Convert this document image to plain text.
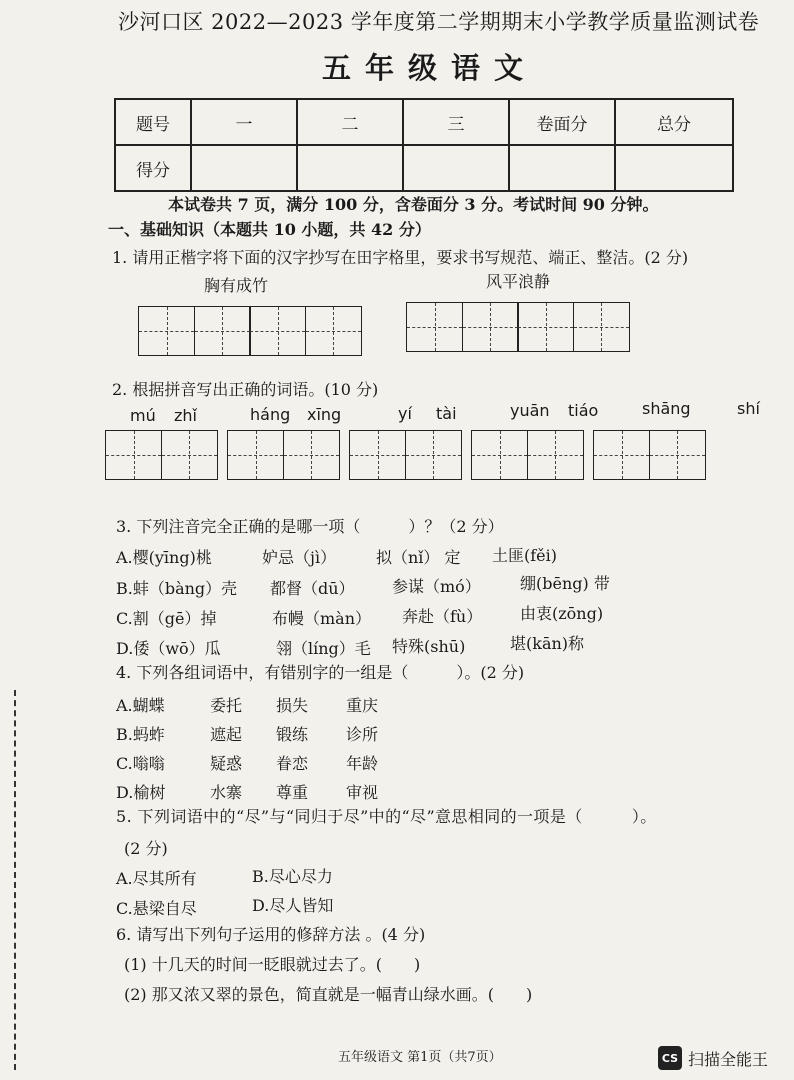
沙河口区 2022—2023 学年度第二学期期末小学教学质量监测试卷
五年级语文
题号	一	二	三	卷面分	总分
得分					
本试卷共 7 页，满分 100 分，含卷面分 3 分。考试时间 90 分钟。
一、基础知识（本题共 10 小题，共 42 分）
1. 请用正楷字将下面的汉字抄写在田字格里，要求书写规范、端正、整洁。(2 分)
胸有成竹	风平浪静
2. 根据拼音写出正确的词语。(10 分)
mú zhǐ	háng xīng	yí tài	yuān tiáo	shāng	shí
3. 下列注音完全正确的是哪一项（　　　）？（2 分）
A.樱(yīng)桃	妒忌（jì） 拟（nǐ） 定 土匪(fěi)
B.蚌（bàng）壳 都督（dū） 参谋（mó） 绷(bēng) 带
C.割（gē）掉	布幔（màn） 奔赴（fù） 由衷(zōng)
D.倭（wō）瓜	翎（líng）毛 特殊(shū)	堪(kān)称
4. 下列各组词语中，有错别字的一组是（　　　）。(2 分)
A.蝴蝶	委托 损失 重庆
B.蚂蚱	遮起 锻练 诊所
C.嗡嗡	疑惑 眷恋 年龄
D.榆树	水寨 尊重 审视
5. 下列词语中的“尽”与“同归于尽”中的“尽”意思相同的一项是（　　　）。
(2 分)
A.尽其所有	B.尽心尽力
C.悬梁自尽	D.尽人皆知
6. 请写出下列句子运用的修辞方法 。(4 分)
(1) 十几天的时间一眨眼就过去了。(　　)
(2) 那又浓又翠的景色，简直就是一幅青山绿水画。(　　)
五年级语文 第1页（共7页）	CS 扫描全能王
